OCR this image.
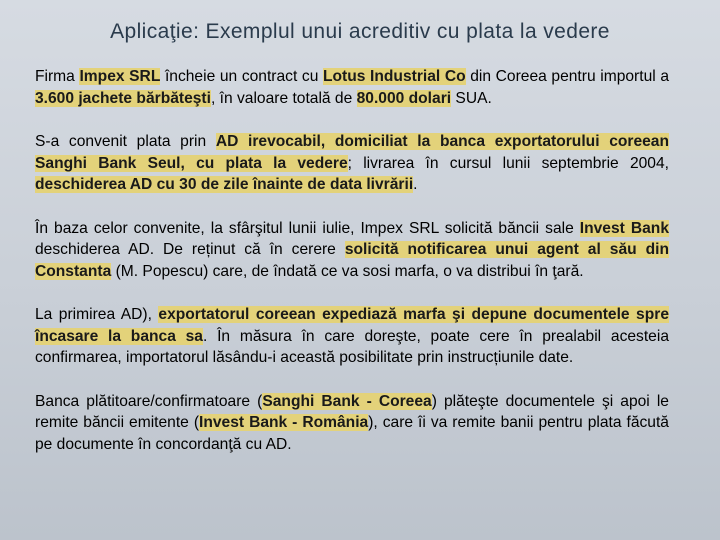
Aplicaţie: Exemplul unui acreditiv cu plata la vedere

Firma Impex SRL încheie un contract cu Lotus Industrial Co din Coreea pentru importul a 3.600 jachete bărbăteşti, în valoare totală de 80.000 dolari SUA.

S-a convenit plata prin AD irevocabil, domiciliat la banca exportatorului coreean Sanghi Bank Seul, cu plata la vedere; livrarea în cursul lunii septembrie 2004, deschiderea AD cu 30 de zile înainte de data livrării.

În baza celor convenite, la sfârşitul lunii iulie, Impex SRL solicită băncii sale Invest Bank deschiderea AD. De reținut că în cerere solicită notificarea unui agent al său din Constanta (M. Popescu) care, de îndată ce va sosi marfa, o va distribui în ţară.

La primirea AD), exportatorul coreean expediază marfa şi depune documentele spre încasare la banca sa. În măsura în care doreşte, poate cere în prealabil acesteia confirmarea, importatorul lăsându-i această posibilitate prin instrucțiunile date.

Banca plătitoare/confirmatoare (Sanghi Bank - Coreea) plăteşte documentele şi apoi le remite băncii emitente (Invest Bank - România), care îi va remite banii pentru plata făcută pe documente în concordanţă cu AD.
